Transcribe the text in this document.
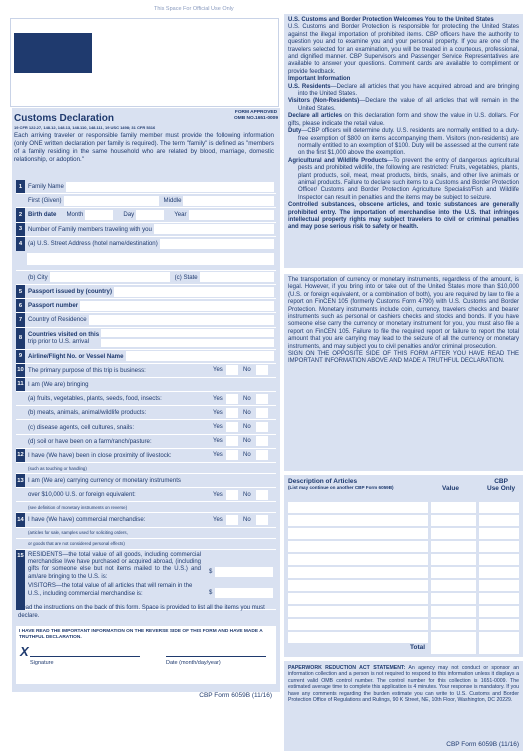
This Space For Official Use Only
Customs Declaration
FORM APPROVED
OMB NO.1651-0009
19 CFR 122.27, 148.12, 148.13, 148.110, 148.111, 19 USC 1498; 31 CFR 5316
Each arriving traveler or responsible family member must provide the following information (only ONE written declaration per family is required). The term "family" is defined as "members of a family residing in the same household who are related by blood, marriage, domestic relationship, or adoption."
1 Family Name
First (Given)	Middle
2 Birth date	Month	Day	Year
3 Number of Family members traveling with you
4 (a) U.S. Street Address (hotel name/destination)
(b) City	(c) State
5 Passport issued by (country)
6 Passport number
7 Country of Residence
8 Countries visited on this
trip prior to U.S. arrival
9 Airline/Flight No. or Vessel Name
10 The primary purpose of this trip is business:	Yes	No
11 I am (We are) bringing
(a) fruits, vegetables, plants, seeds, food, insects:	Yes	No
(b) meats, animals, animal/wildlife products:	Yes	No
(c) disease agents, cell cultures, snails:	Yes	No
(d) soil or have been on a farm/ranch/pasture:	Yes	No
12 I have (We have) been in close proximity of livestock:	Yes	No
(such as touching or handling)
13 I am (We are) carrying currency or monetary instruments
over $10,000 U.S. or foreign equivalent:	Yes	No
(see definition of monetary instruments on reverse)
14 I have (We have) commercial merchandise:	Yes	No
(articles for sale, samples used for soliciting orders,
or goods that are not considered personal effects)
15 RESIDENTS—the total value of all goods, including commercial merchandise I/we have purchased or acquired abroad, (including gifts for someone else but not items mailed to the U.S.) and am/are bringing to the U.S. is:
VISITORS—the total value of all articles that will remain in the U.S., including commercial merchandise is:
$
$
Read the instructions on the back of this form. Space is provided to list all the items you must declare.
I HAVE READ THE IMPORTANT INFORMATION ON THE REVERSE SIDE OF THIS FORM AND HAVE MADE A TRUTHFUL DECLARATION.
X
Signature	Date (month/day/year)
CBP Form 6059B (11/16)
U.S. Customs and Border Protection Welcomes You to the United States
U.S. Customs and Border Protection is responsible for protecting the United States against the illegal importation of prohibited items. CBP officers have the authority to question you and to examine you and your personal property. If you are one of the travelers selected for an examination, you will be treated in a courteous, professional, and dignified manner. CBP Supervisors and Passenger Service Representatives are available to answer your questions. Comment cards are available to compliment or provide feedback.
Important Information
U.S. Residents—Declare all articles that you have acquired abroad and are bringing into the United States.
Visitors (Non-Residents)—Declare the value of all articles that will remain in the United States.
Declare all articles on this declaration form and show the value in U.S. dollars. For gifts, please indicate the retail value.
Duty—CBP officers will determine duty. U.S. residents are normally entitled to a duty-free exemption of $800 on items accompanying them. Visitors (non-residents) are normally entitled to an exemption of $100. Duty will be assessed at the current rate on the first $1,000 above the exemption.
Agricultural and Wildlife Products—To prevent the entry of dangerous agricultural pests and prohibited wildlife, the following are restricted: Fruits, vegetables, plants, plant products, soil, meat, meat products, birds, snails, and other live animals or animal products. Failure to declare such items to a Customs and Border Protection Officer/ Customs and Border Protection Agriculture Specialist/Fish and Wildlife Inspector can result in penalties and the items may be subject to seizure.
Controlled substances, obscene articles, and toxic substances are generally prohibited entry. The importation of merchandise into the U.S. that infringes intellectual property rights may subject travelers to civil or criminal penalties and may pose serious risk to safety or health.
The transportation of currency or monetary instruments, regardless of the amount, is legal. However, if you bring into or take out of the United States more than $10,000 (U.S. or foreign equivalent, or a combination of both), you are required by law to file a report on FinCEN 105 (formerly Customs Form 4790) with U.S. Customs and Border Protection. Monetary instruments include coin, currency, travelers checks and bearer instruments such as personal or cashiers checks and stocks and bonds. If you have someone else carry the currency or monetary instrument for you, you must also file a report on FinCEN 105. Failure to file the required report or failure to report the total amount that you are carrying may lead to the seizure of all the currency or monetary instruments, and may subject you to civil penalties and/or criminal prosecution.
SIGN ON THE OPPOSITE SIDE OF THIS FORM AFTER YOU HAVE READ THE IMPORTANT INFORMATION ABOVE AND MADE A TRUTHFUL DECLARATION.
Description of Articles
(List may continue on another CBP Form 6059B)	Value
CBP
Use Only
Total
PAPERWORK REDUCTION ACT STATEMENT: An agency may not conduct or sponsor an information collection and a person is not required to respond to this information unless it displays a current valid OMB control number. The control number for this collection is 1651-0009. The estimated average time to complete this application is 4 minutes. Your response is mandatory. If you have any comments regarding the burden estimate you can write to U.S. Customs and Border Protection Office of Regulations and Rulings, 90 K Street, NE, 10th Floor, Washington, DC 20229.
CBP Form 6059B (11/16)
